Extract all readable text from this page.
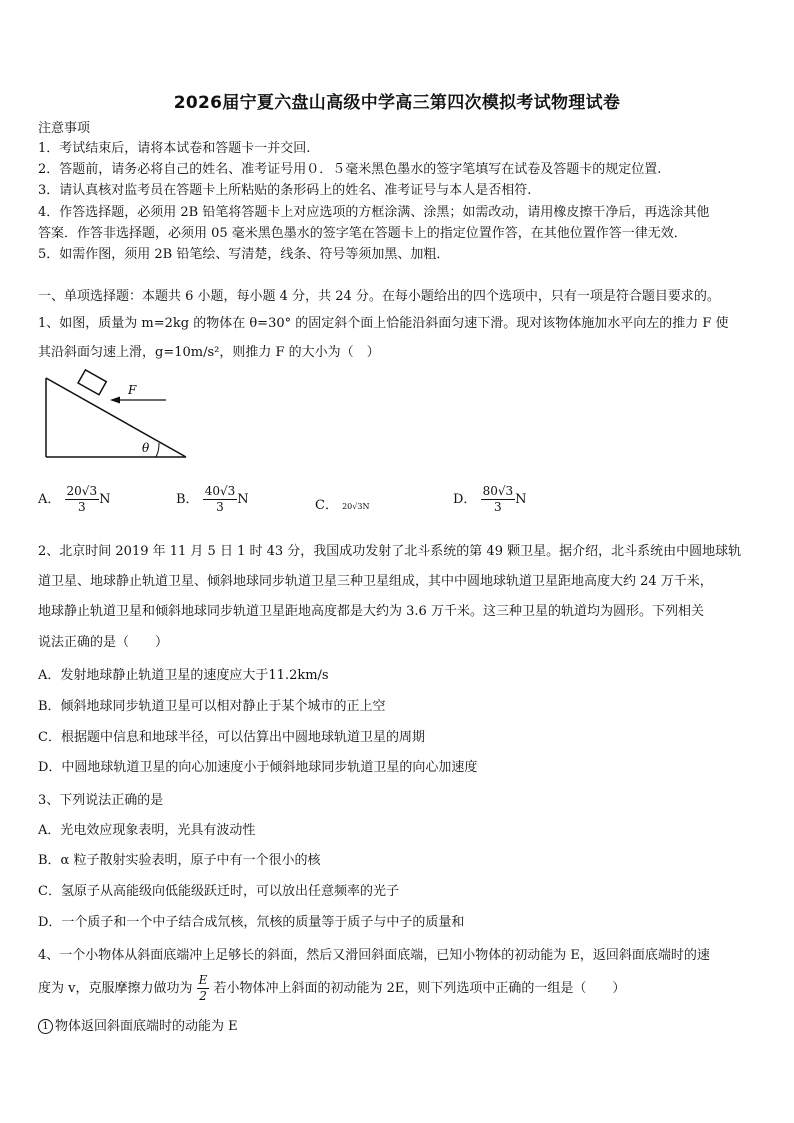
2026届宁夏六盘山高级中学高三第四次模拟考试物理试卷
注意事项
1．考试结束后，请将本试卷和答题卡一并交回.
2．答题前，请务必将自己的姓名、准考证号用０．５毫米黑色墨水的签字笔填写在试卷及答题卡的规定位置.
3．请认真核对监考员在答题卡上所粘贴的条形码上的姓名、准考证号与本人是否相符.
4．作答选择题，必须用 2B 铅笔将答题卡上对应选项的方框涂满、涂黑；如需改动，请用橡皮擦干净后，再选涂其他
答案．作答非选择题，必须用 05 毫米黑色墨水的签字笔在答题卡上的指定位置作答，在其他位置作答一律无效．
5．如需作图，须用 2B 铅笔绘、写清楚，线条、符号等须加黑、加粗．
一、单项选择题：本题共 6 小题，每小题 4 分，共 24 分。在每小题给出的四个选项中，只有一项是符合题目要求的。
1、如图，质量为 m=2kg 的物体在 θ=30° 的固定斜个面上恰能沿斜面匀速下滑。现对该物体施加水平向左的推力 F 使
其沿斜面匀速上滑，g=10m/s²，则推力 F 的大小为（　）
F
θ
A． $\frac{20√3}{3}$ N	B． $\frac{40√3}{3}$ N	C． 20√3N	D． $\frac{80√3}{3}$ N
2、北京时间 2019 年 11 月 5 日 1 时 43 分，我国成功发射了北斗系统的第 49 颗卫星。据介绍，北斗系统由中圆地球轨
道卫星、地球静止轨道卫星、倾斜地球同步轨道卫星三种卫星组成，其中中圆地球轨道卫星距地高度大约 24 万千米，
地球静止轨道卫星和倾斜地球同步轨道卫星距地高度都是大约为 3.6 万千米。这三种卫星的轨道均为圆形。下列相关
说法正确的是（　　）
A．发射地球静止轨道卫星的速度应大于11.2km/s
B．倾斜地球同步轨道卫星可以相对静止于某个城市的正上空
C．根据题中信息和地球半径，可以估算出中圆地球轨道卫星的周期
D．中圆地球轨道卫星的向心加速度小于倾斜地球同步轨道卫星的向心加速度
3、下列说法正确的是
A．光电效应现象表明，光具有波动性
B．α 粒子散射实验表明，原子中有一个很小的核
C．氢原子从高能级向低能级跃迁时，可以放出任意频率的光子
D．一个质子和一个中子结合成氘核，氘核的质量等于质子与中子的质量和
4、一个小物体从斜面底端冲上足够长的斜面，然后又滑回斜面底端，已知小物体的初动能为 E，返回斜面底端时的速
度为 v，克服摩擦力做功为 $\frac{E}{2}$ 若小物体冲上斜面的初动能为 2E，则下列选项中正确的一组是（　　）
1 物体返回斜面底端时的动能为 E
